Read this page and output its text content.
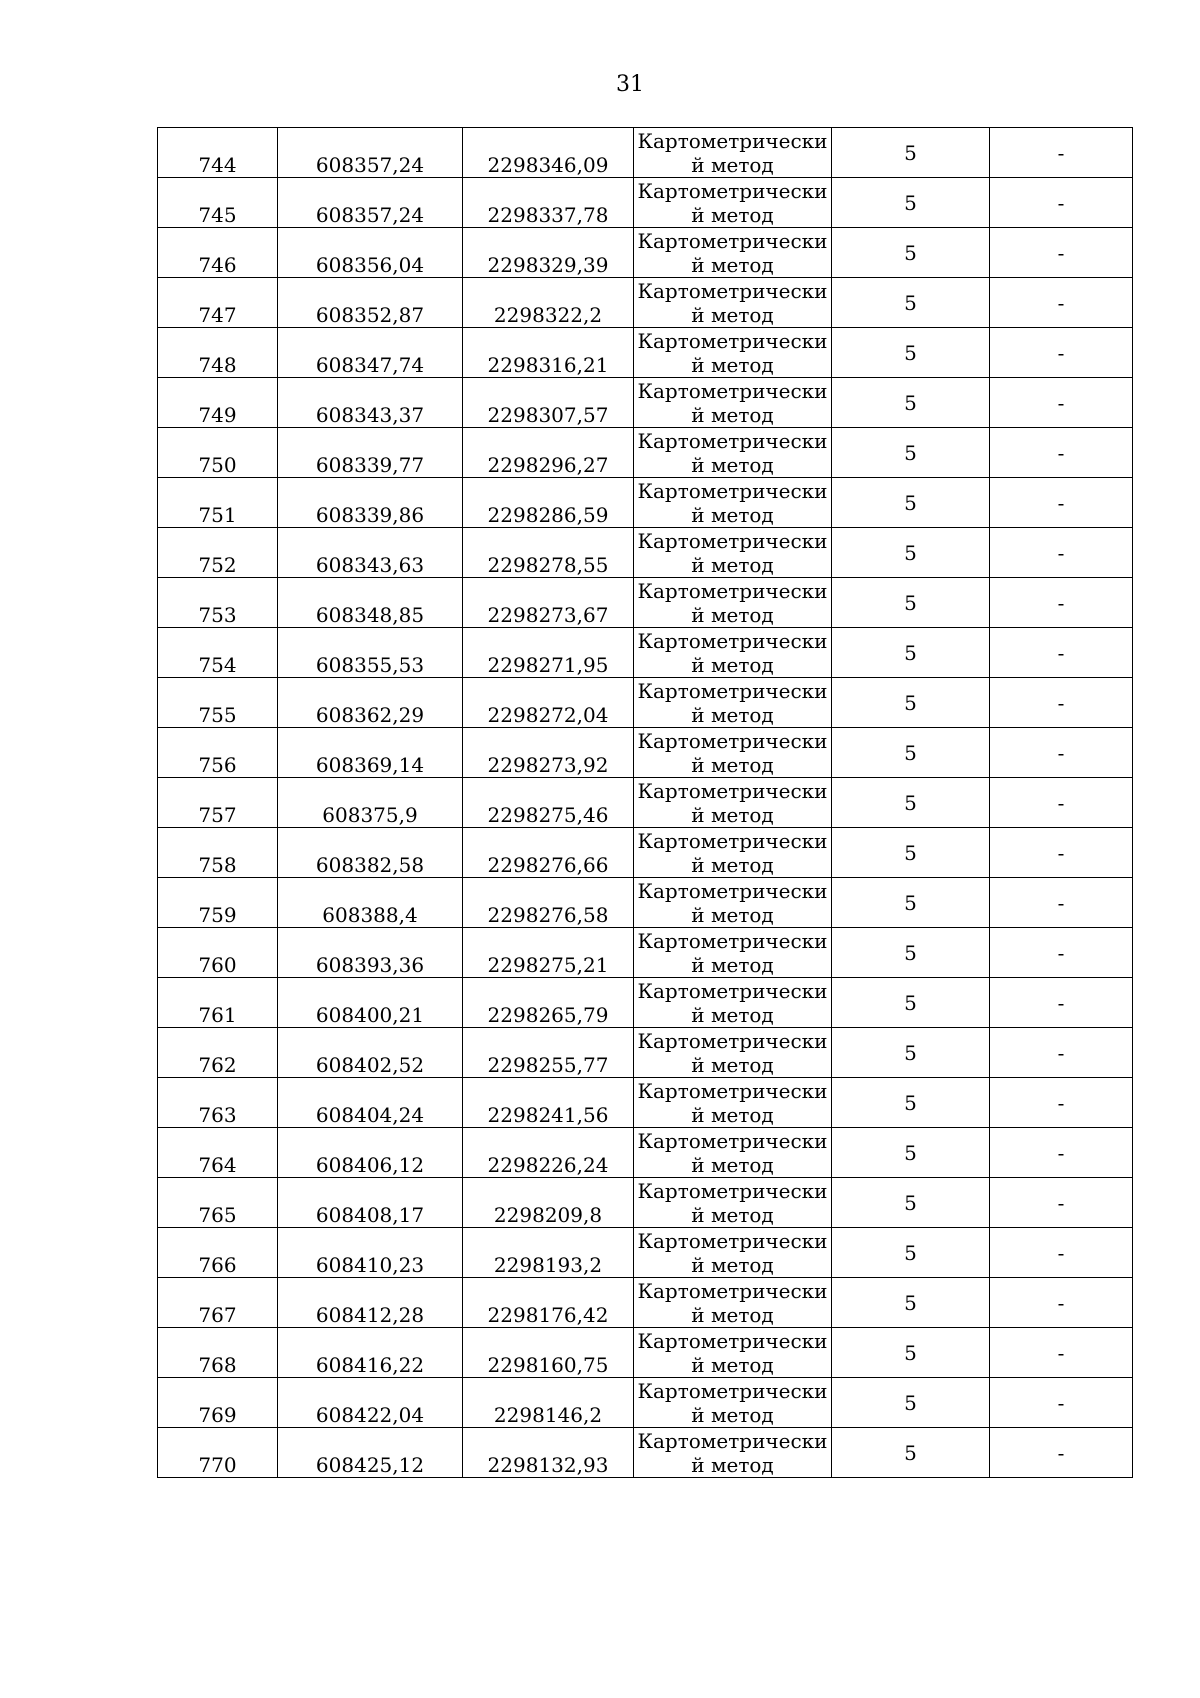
31
744	608357,24	2298346,09	Картометрически й метод	5	-
745	608357,24	2298337,78	Картометрически й метод	5	-
746	608356,04	2298329,39	Картометрически й метод	5	-
747	608352,87	2298322,2	Картометрически й метод	5	-
748	608347,74	2298316,21	Картометрически й метод	5	-
749	608343,37	2298307,57	Картометрически й метод	5	-
750	608339,77	2298296,27	Картометрически й метод	5	-
751	608339,86	2298286,59	Картометрически й метод	5	-
752	608343,63	2298278,55	Картометрически й метод	5	-
753	608348,85	2298273,67	Картометрически й метод	5	-
754	608355,53	2298271,95	Картометрически й метод	5	-
755	608362,29	2298272,04	Картометрически й метод	5	-
756	608369,14	2298273,92	Картометрически й метод	5	-
757	608375,9	2298275,46	Картометрически й метод	5	-
758	608382,58	2298276,66	Картометрически й метод	5	-
759	608388,4	2298276,58	Картометрически й метод	5	-
760	608393,36	2298275,21	Картометрически й метод	5	-
761	608400,21	2298265,79	Картометрически й метод	5	-
762	608402,52	2298255,77	Картометрически й метод	5	-
763	608404,24	2298241,56	Картометрически й метод	5	-
764	608406,12	2298226,24	Картометрически й метод	5	-
765	608408,17	2298209,8	Картометрически й метод	5	-
766	608410,23	2298193,2	Картометрически й метод	5	-
767	608412,28	2298176,42	Картометрически й метод	5	-
768	608416,22	2298160,75	Картометрически й метод	5	-
769	608422,04	2298146,2	Картометрически й метод	5	-
770	608425,12	2298132,93	Картометрически й метод	5	-
